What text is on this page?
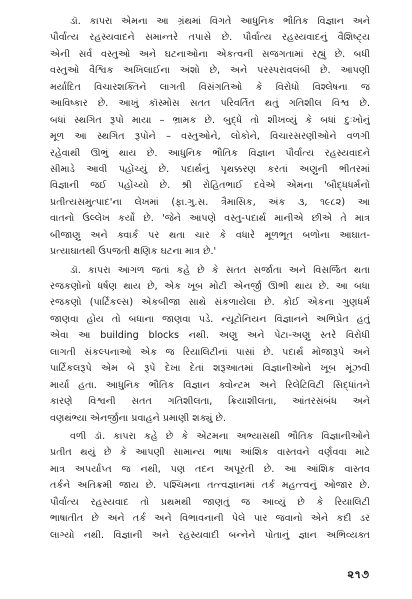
ડૉ. કાપરા એમના આ ગ્રંથમાં વિગતે આધુનિક ભૌતિક વિજ્ઞાન અને
પૌર્વાત્ય રહસ્યવાદને સમાન્તરે તપાસે છે. પૌર્વાત્ય રહસ્યવાદનું વૈશિષ્ટ્ય
એની સર્વ વસ્તુઓ અને ઘટનાઓના એકત્વની સજગતામાં રહ્યું છે. બધી
વસ્તુઓ વૈશ્વિક અખિલાઈના અંશો છે, અને પરસ્પરાવલંબી છે. આપણી
મર્યાદિત વિચારશક્તિને લાગતી વિસંગતિઓ કે વિરોધો વિશ્લેષના જ
આવિષ્કાર છે. આખું કૉસ્મોસ સતત પરિવર્તિત થતું ગતિશીલ વિશ્વ છે.
બધાં સ્થગિત રૂપો માયા – ભ્રામક છે. બુદ્ધે તો શીખવ્યું કે બધાં દુઃખોનું
મૂળ આ સ્થગિત રૂપોને – વસ્તુઓને, લોકોને, વિચારસરણીઓને વળગી
રહેવાથી ઊભું થાય છે. આધુનિક ભૌતિક વિજ્ઞાન પૌર્વાત્ય રહસ્યવાદને
સીમાડે આવી પહોંચ્યું છે. પદાર્થનું પૃથક્કરણ કરતાં અણુની ભીતરમાં
વિજ્ઞાની જઈ પહોંચ્યો છે. શ્રી રોહિતભાઈ દવેએ એમના 'બૌદ્ધધર્મનો
પ્રતીત્યસમુત્પાદ'ના લેખમાં (ફા.ગુ.સ. ત્રૈમાસિક, અંક ૩, ૧૯૮૨) આ
વાતનો ઉલ્લેખ કર્યો છે. 'જેને આપણે વસ્તુ-પદાર્થ માનીએ છીએ તે માત્ર
બીજાણુ અને ક્વાર્ક પર થતા ચાર કે વધારે મૂળભૂત બળોના આઘાત-
પ્રત્યાઘાતથી ઉપજતી ક્ષણિક ઘટના માત્ર છે.'
ડૉ. કાપરા આગળ જતાં કહે છે કે સતત સર્જાતા અને વિસર્જિત થતા
રજકણોનો ધર્ષણ થાય છે, એક ખૂબ મોટી એનર્જી ઊભી થાય છે. આ બધા
રજકણો (પાર્ટિકલ્સ) એકબીજા સાથે સંકળાયેલા છે. કોઈ એકના ગુણધર્મ
જાણવા હોય તો બધાના જાણવા પડે. ન્યૂટોનિયન વિજ્ઞાનને અભિપ્રેત હતું
એવા આ building blocks નથી. અણુ અને પેટા-અણુ સ્તરે વિરોધી
લાગતી સંકલ્પનાઓ એક જ રિયાલિટીનાં પાસાં છે. પદાર્થ મોજારૂપે અને
પાર્ટિકલરૂપે એમ બે રૂપે દેખા દેતાં શરૂઆતમાં વિજ્ઞાનીઓને ખૂબ મૂંઝવી
માર્યા હતા. આધુનિક ભૌતિક વિજ્ઞાન ક્વોન્ટમ અને રિલેટિવિટી સિદ્ધાંતને
કારણે વિશ્વની સતત ગતિશીલતા, ક્રિયાશીલતા, આંતરસંબંધ અને
વણથંભ્યા એનર્જીના પ્રવાહને પ્રમાણી શક્યું છે.
વળી ડૉ. કાપરા કહે છે કે એટમના અભ્યાસથી ભૌતિક વિજ્ઞાનીઓને
પ્રતીત થયું છે કે આપણી સામાન્ય ભાષા આંશિક વાસ્તવને વર્ણવવા માટે
માત્ર અપર્યાપ્ત જ નથી, પણ તદન અપૂરતી છે. આ આંશિક વાસ્તવ
તર્કને અતિક્રમી જાય છે. પશ્ચિમના તત્ત્વજ્ઞાનમાં તર્ક મહત્ત્વનું ઓજાર છે.
પૌર્વાત્ય રહસ્યવાદ તો પ્રથમથી જાણતું જ આવ્યું છે કે રિયાલિટી
ભાષાતીત છે અને તર્ક અને વિભાવનાની પેલે પાર જવાનો એને કદી ડર
લાગ્યો નથી. વિજ્ઞાની અને રહસ્યવાદી બન્નેને પોતાનું જ્ઞાન અભિવ્યક્ત
૨૧૭
